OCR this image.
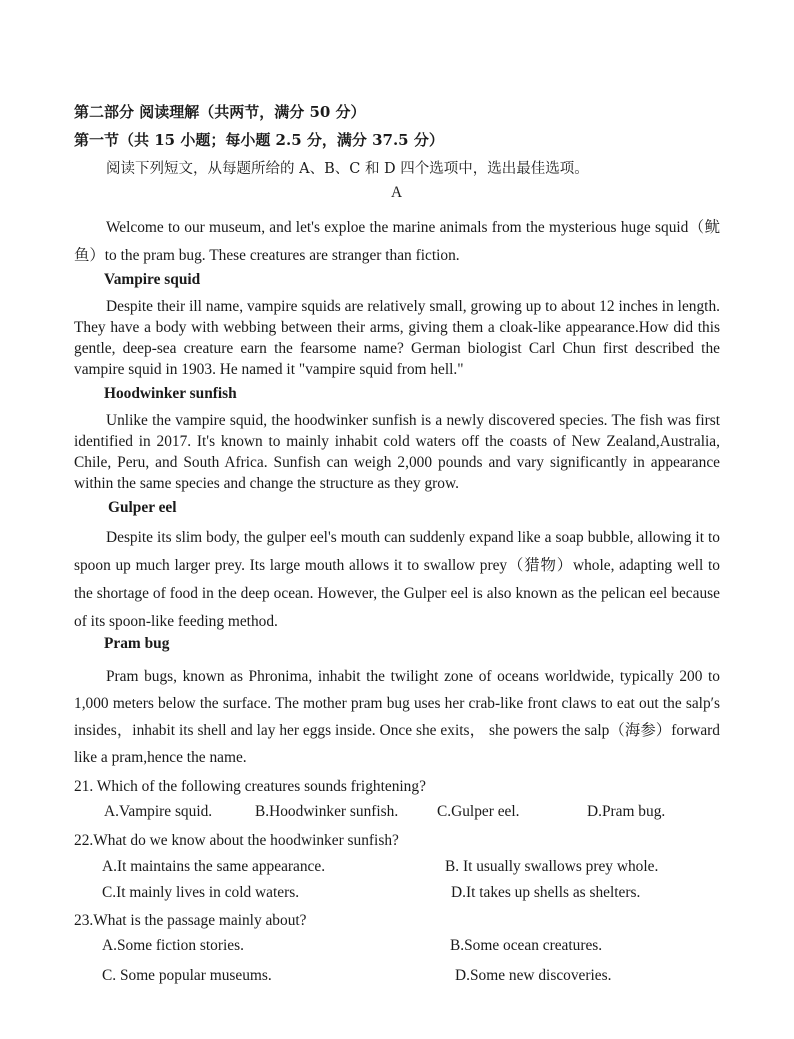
第二部分 阅读理解（共两节，满分 50 分）
第一节（共 15 小题；每小题 2.5 分，满分 37.5 分）
阅读下列短文，从每题所给的 A、B、C 和 D 四个选项中，选出最佳选项。
A

Welcome to our museum, and let's exploe the marine animals from the mysterious huge squid（鱿鱼）to the pram bug. These creatures are stranger than fiction.

Vampire squid

Despite their ill name, vampire squids are relatively small, growing up to about 12 inches in length. They have a body with webbing between their arms, giving them a cloak-like appearance.How did this gentle, deep-sea creature earn the fearsome name? German biologist Carl Chun first described the vampire squid in 1903. He named it "vampire squid from hell."

Hoodwinker sunfish

Unlike the vampire squid, the hoodwinker sunfish is a newly discovered species. The fish was first identified in 2017. It's known to mainly inhabit cold waters off the coasts of New Zealand,Australia, Chile, Peru, and South Africa. Sunfish can weigh 2,000 pounds and vary significantly in appearance within the same species and change the structure as they grow.

Gulper eel

Despite its slim body, the gulper eel's mouth can suddenly expand like a soap bubble, allowing it to spoon up much larger prey. Its large mouth allows it to swallow prey（猎物）whole, adapting well to the shortage of food in the deep ocean. However, the Gulper eel is also known as the pelican eel because of its spoon-like feeding method.

Pram bug

Pram bugs, known as Phronima, inhabit the twilight zone of oceans worldwide, typically 200 to 1,000 meters below the surface. The mother pram bug uses her crab-like front claws to eat out the salp′s insides，inhabit its shell and lay her eggs inside. Once she exits， she powers the salp（海参）forward like a pram,hence the name.

21. Which of the following creatures sounds frightening?
A.Vampire squid.	B.Hoodwinker sunfish.	C.Gulper eel.	D.Pram bug.
22.What do we know about the hoodwinker sunfish?
A.It maintains the same appearance.	B. It usually swallows prey whole.
C.It mainly lives in cold waters.	D.It takes up shells as shelters.
23.What is the passage mainly about?
A.Some fiction stories.	B.Some ocean creatures.
C. Some popular museums.	D.Some new discoveries.
